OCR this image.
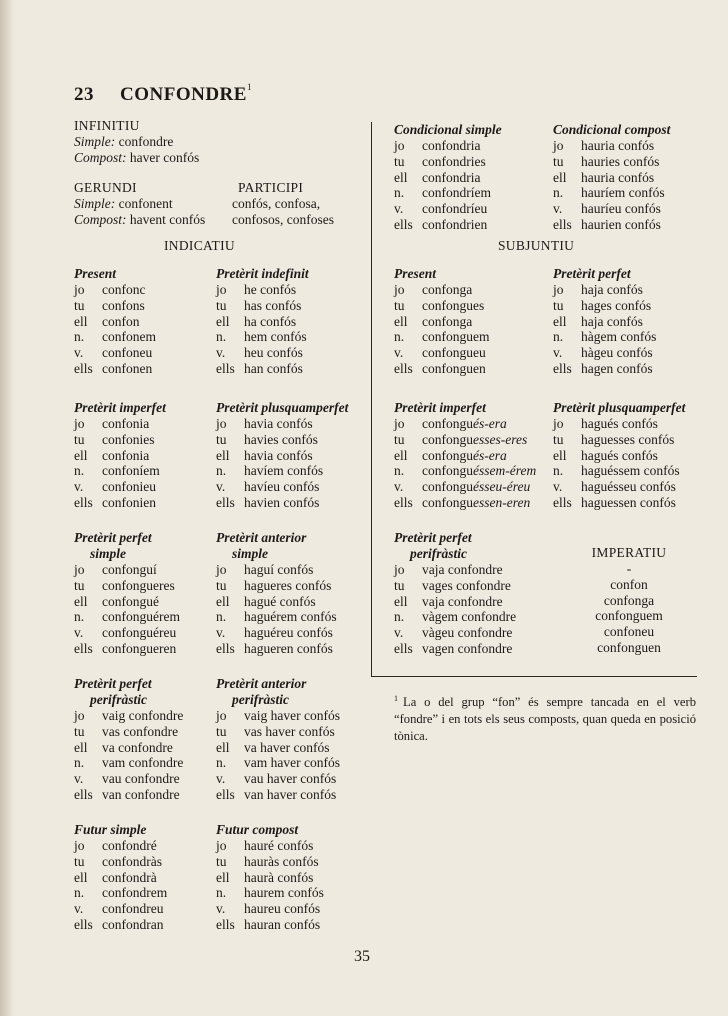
23 CONFONDRE$^1$
INFINITIU
Simple: confondre
Compost: haver confós
GERUNDI
Simple: confonent
Compost: havent confós
PARTICIPI
confós, confosa,
confosos, confoses
INDICATIU	SUBJUNTIU
Condicional simple
jo confondria
tu confondries
ell confondria
n. confondríem
v. confondríeu
ells confondrien
Condicional compost
jo hauria confós
tu hauries confós
ell hauria confós
n. hauríem confós
v. hauríeu confós
ells haurien confós
Present
jo confonc
tu confons
ell confon
n. confonem
v. confoneu
ells confonen
Pretèrit indefinit
jo he confós
tu has confós
ell ha confós
n. hem confós
v. heu confós
ells han confós
Present
jo confonga
tu confongues
ell confonga
n. confonguem
v. confongueu
ells confonguen
Pretèrit perfet
jo haja confós
tu hages confós
ell haja confós
n. hàgem confós
v. hàgeu confós
ells hagen confós
Pretèrit imperfet
jo confonia
tu confonies
ell confonia
n. confoníem
v. confonieu
ells confonien
Pretèrit plusquamperfet
jo havia confós
tu havies confós
ell havia confós
n. havíem confós
v. havíeu confós
ells havien confós
Pretèrit imperfet
jo confongués-era
tu confonguesses-eres
ell confongués-era
n. confonguéssem-érem
v. confonguésseu-éreu
ells confonguessen-eren
Pretèrit plusquamperfet
jo hagués confós
tu haguesses confós
ell hagués confós
n. haguéssem confós
v. haguésseu confós
ells haguessen confós
Pretèrit perfet
simple
jo confonguí
tu confongueres
ell confongué
n. confonguérem
v. confonguéreu
ells confongueren
Pretèrit anterior
simple
jo haguí confós
tu hagueres confós
ell hagué confós
n. haguérem confós
v. haguéreu confós
ells hagueren confós
Pretèrit perfet
perifràstic
jo vaja confondre
tu vages confondre
ell vaja confondre
n. vàgem confondre
v. vàgeu confondre
ells vagen confondre
IMPERATIU
-
confon
confonga
confonguem
confoneu
confonguen
Pretèrit perfet
perifràstic
jo vaig confondre
tu vas confondre
ell va confondre
n. vam confondre
v. vau confondre
ells van confondre
Pretèrit anterior
perifràstic
jo vaig haver confós
tu vas haver confós
ell va haver confós
n. vam haver confós
v. vau haver confós
ells van haver confós
Futur simple
jo confondré
tu confondràs
ell confondrà
n. confondrem
v. confondreu
ells confondran
Futur compost
jo hauré confós
tu hauràs confós
ell haurà confós
n. haurem confós
v. haureu confós
ells hauran confós
$^1$ La o del grup “fon” és sempre tancada en el verb “fondre” i en tots els seus composts, quan queda en posició tònica.
35
